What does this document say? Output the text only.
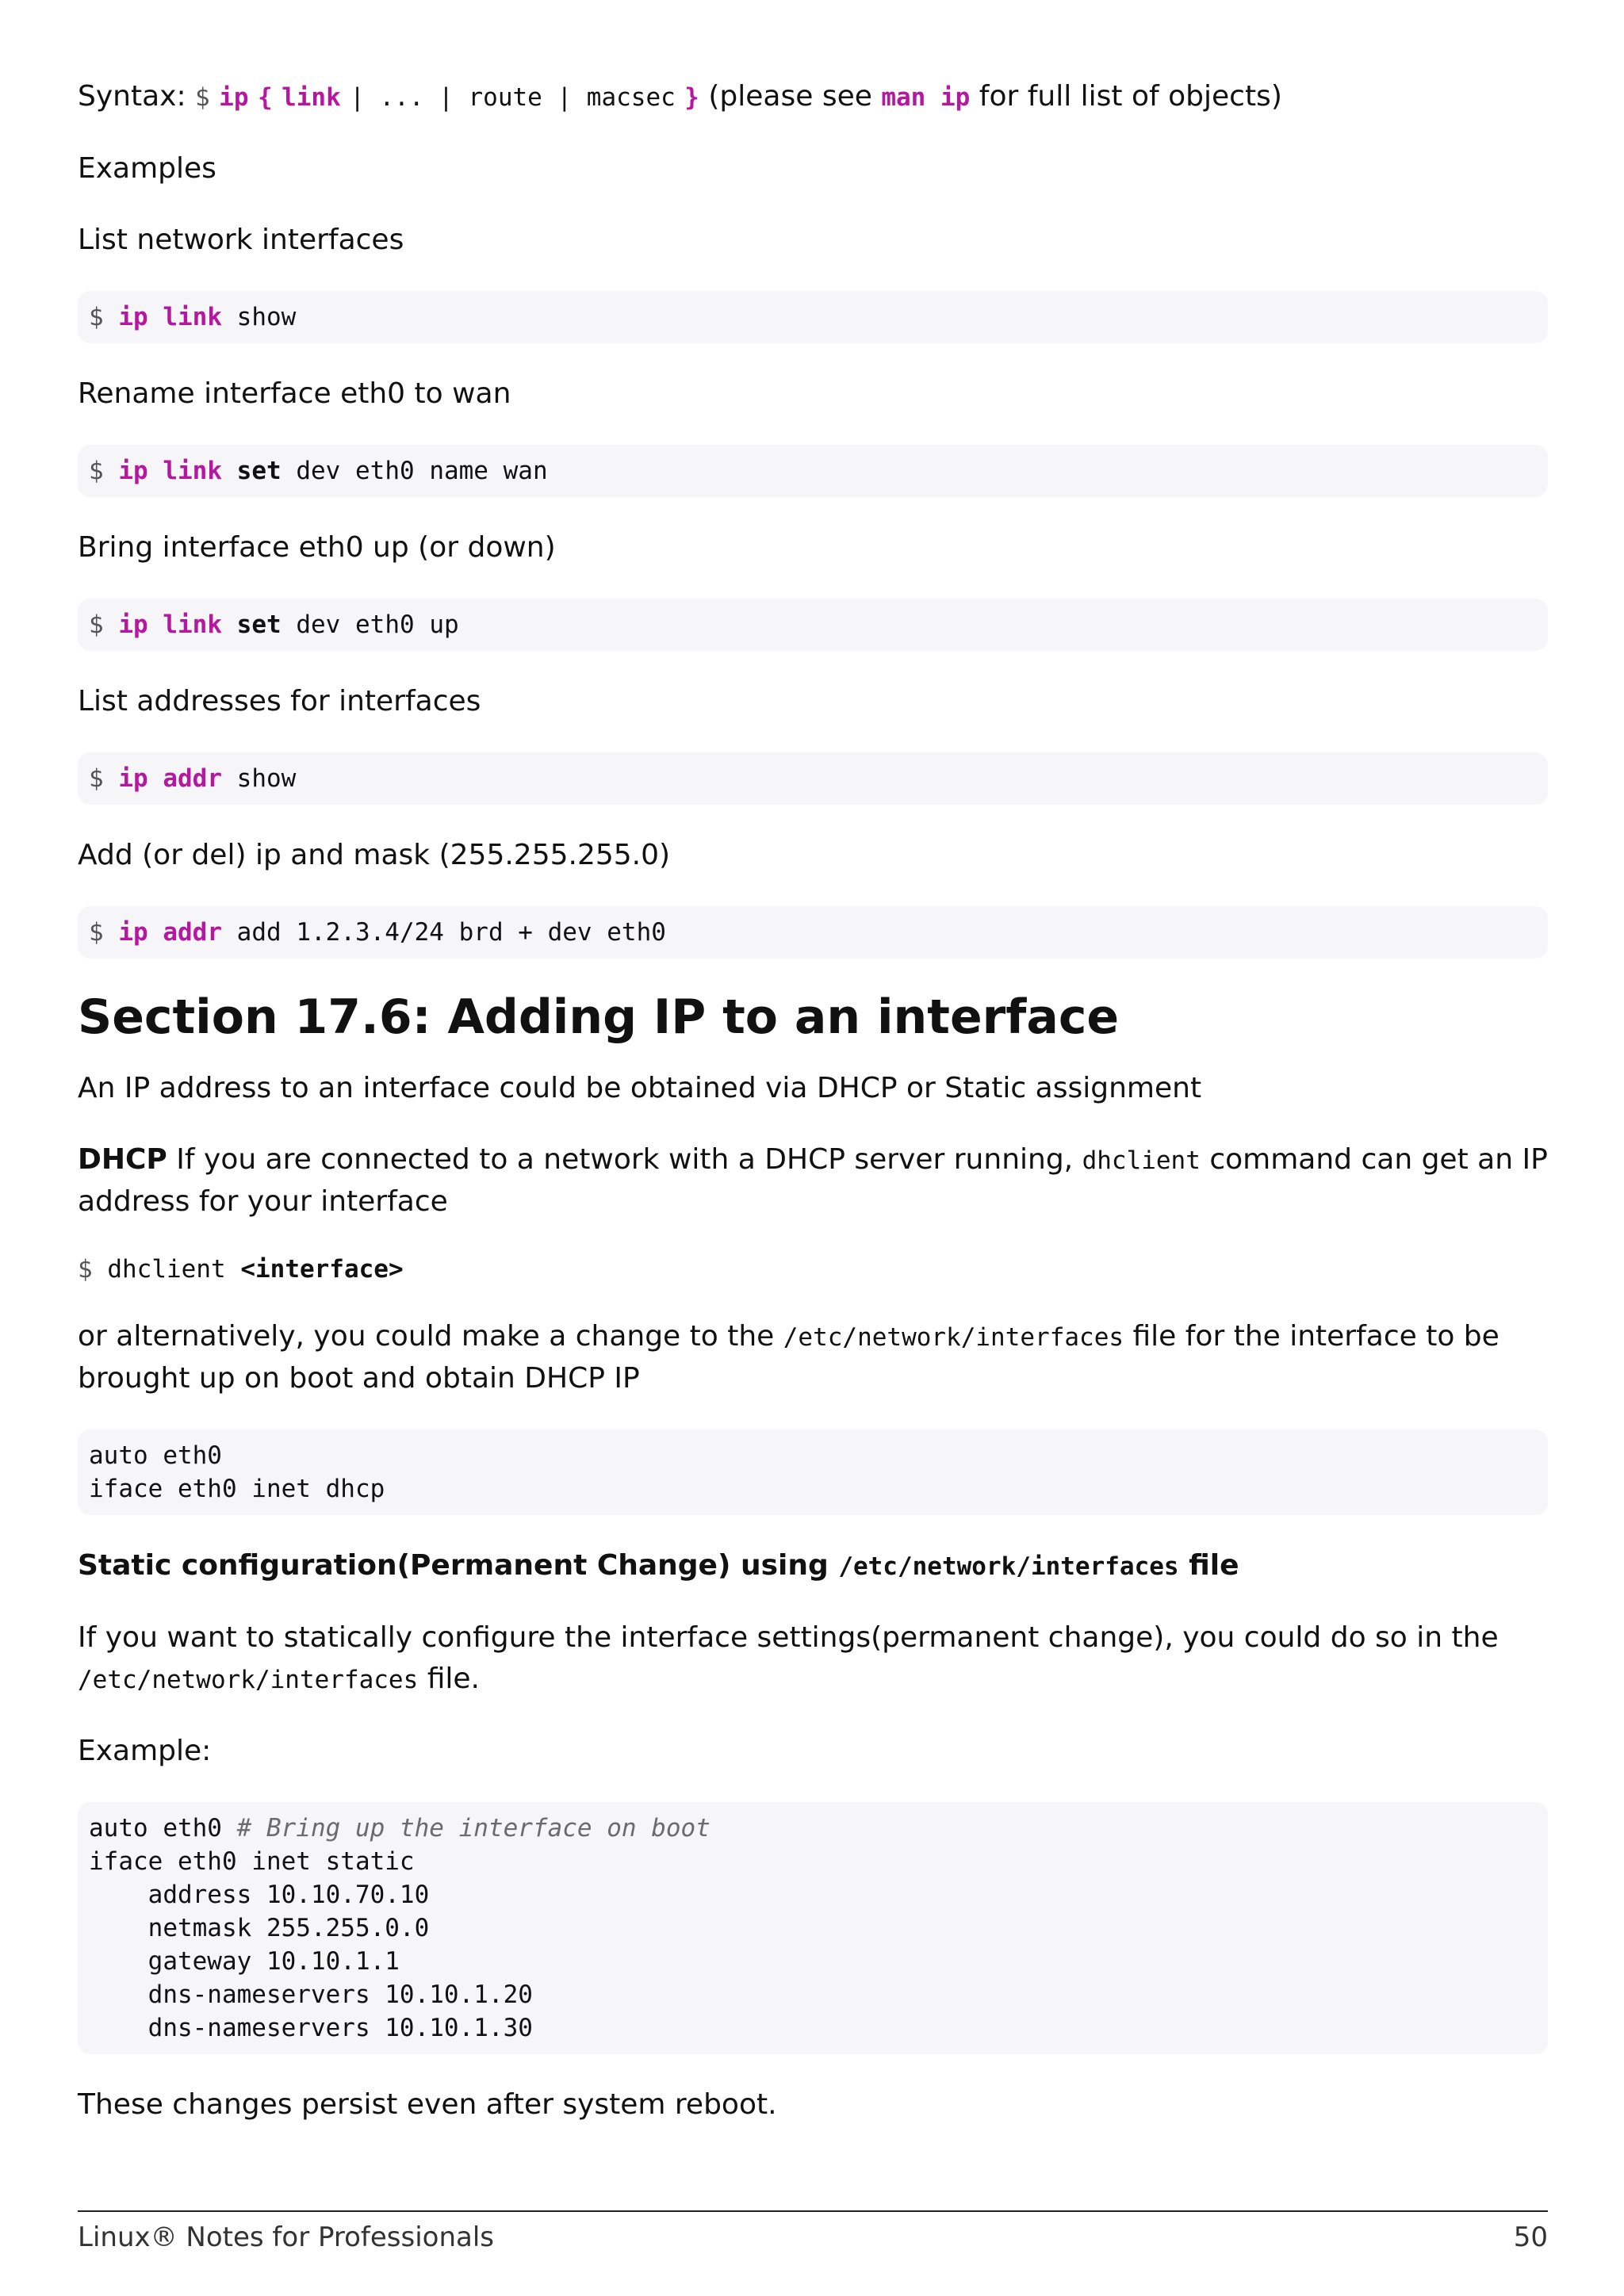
Syntax: $ ip { link | ... | route | macsec } (please see man ip for full list of objects)

Examples

List network interfaces

$ ip link show

Rename interface eth0 to wan

$ ip link set dev eth0 name wan

Bring interface eth0 up (or down)

$ ip link set dev eth0 up

List addresses for interfaces

$ ip addr show

Add (or del) ip and mask (255.255.255.0)

$ ip addr add 1.2.3.4/24 brd + dev eth0
Section 17.6: Adding IP to an interface

An IP address to an interface could be obtained via DHCP or Static assignment

DHCP If you are connected to a network with a DHCP server running, dhclient command can get an IP address for your interface

$ dhclient <interface>

or alternatively, you could make a change to the /etc/network/interfaces file for the interface to be brought up on boot and obtain DHCP IP

auto eth0
iface eth0 inet dhcp

Static configuration(Permanent Change) using /etc/network/interfaces file

If you want to statically configure the interface settings(permanent change), you could do so in the /etc/network/interfaces file.

Example:

auto eth0 # Bring up the interface on boot
iface eth0 inet static
address 10.10.70.10
netmask 255.255.0.0
gateway 10.10.1.1
dns-nameservers 10.10.1.20
dns-nameservers 10.10.1.30

These changes persist even after system reboot.

Linux® Notes for Professionals	50
